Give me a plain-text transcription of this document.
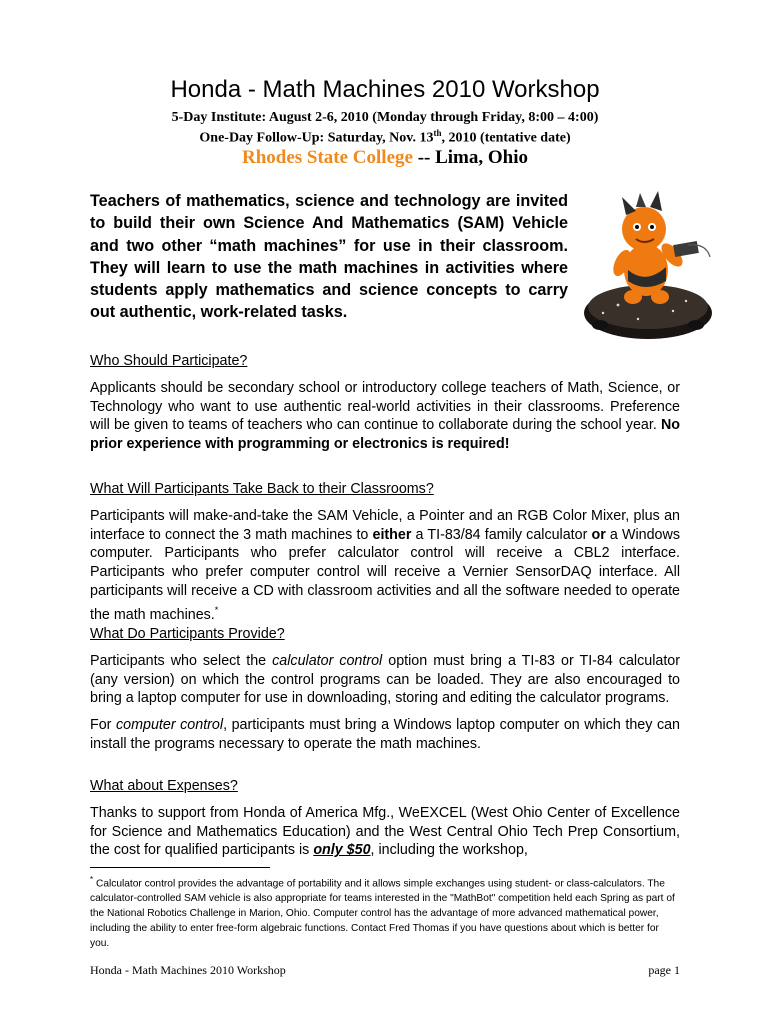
Honda - Math Machines 2010 Workshop
5-Day Institute: August 2-6, 2010 (Monday through Friday, 8:00 – 4:00)
One-Day Follow-Up: Saturday, Nov. 13th, 2010 (tentative date)
Rhodes State College -- Lima, Ohio

Teachers of mathematics, science and technology are invited to build their own Science And Mathematics (SAM) Vehicle and two other “math machines” for use in their classroom. They will learn to use the math machines in activities where students apply mathematics and science concepts to carry out authentic, work-related tasks.

Who Should Participate?

Applicants should be secondary school or introductory college teachers of Math, Science, or Technology who want to use authentic real-world activities in their classrooms. Preference will be given to teams of teachers who can continue to collaborate during the school year. No prior experience with programming or electronics is required!

What Will Participants Take Back to their Classrooms?

Participants will make-and-take the SAM Vehicle, a Pointer and an RGB Color Mixer, plus an interface to connect the 3 math machines to either a TI-83/84 family calculator or a Windows computer. Participants who prefer calculator control will receive a CBL2 interface. Participants who prefer computer control will receive a Vernier SensorDAQ interface. All participants will receive a CD with classroom activities and all the software needed to operate the math machines.*

What Do Participants Provide?

Participants who select the calculator control option must bring a TI-83 or TI-84 calculator (any version) on which the control programs can be loaded. They are also encouraged to bring a laptop computer for use in downloading, storing and editing the calculator programs.

For computer control, participants must bring a Windows laptop computer on which they can install the programs necessary to operate the math machines.

What about Expenses?

Thanks to support from Honda of America Mfg., WeEXCEL (West Ohio Center of Excellence for Science and Mathematics Education) and the West Central Ohio Tech Prep Consortium, the cost for qualified participants is only $50, including the workshop,

* Calculator control provides the advantage of portability and it allows simple exchanges using student- or class-calculators. The calculator-controlled SAM vehicle is also appropriate for teams interested in the "MathBot" competition held each Spring as part of the National Robotics Challenge in Marion, Ohio. Computer control has the advantage of more advanced mathematical power, including the ability to enter free-form algebraic functions. Contact Fred Thomas if you have questions about which is better for you.

Honda - Math Machines 2010 Workshop	page 1
